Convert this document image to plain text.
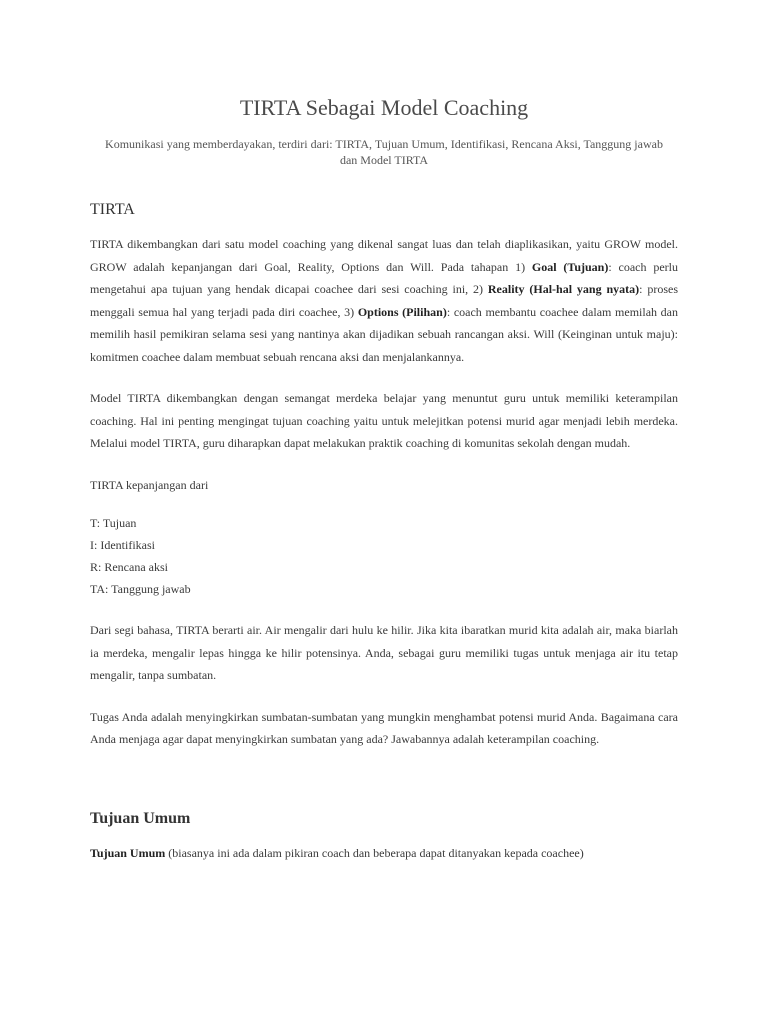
TIRTA Sebagai Model Coaching

Komunikasi yang memberdayakan, terdiri dari: TIRTA, Tujuan Umum, Identifikasi, Rencana Aksi, Tanggung jawab dan Model TIRTA

TIRTA

TIRTA dikembangkan dari satu model coaching yang dikenal sangat luas dan telah diaplikasikan, yaitu GROW model. GROW adalah kepanjangan dari Goal, Reality, Options dan Will. Pada tahapan 1) Goal (Tujuan): coach perlu mengetahui apa tujuan yang hendak dicapai coachee dari sesi coaching ini, 2) Reality (Hal-hal yang nyata): proses menggali semua hal yang terjadi pada diri coachee, 3) Options (Pilihan): coach membantu coachee dalam memilah dan memilih hasil pemikiran selama sesi yang nantinya akan dijadikan sebuah rancangan aksi. Will (Keinginan untuk maju): komitmen coachee dalam membuat sebuah rencana aksi dan menjalankannya.

Model TIRTA dikembangkan dengan semangat merdeka belajar yang menuntut guru untuk memiliki keterampilan coaching. Hal ini penting mengingat tujuan coaching yaitu untuk melejitkan potensi murid agar menjadi lebih merdeka. Melalui model TIRTA, guru diharapkan dapat melakukan praktik coaching di komunitas sekolah dengan mudah.

TIRTA kepanjangan dari

T: Tujuan
I: Identifikasi
R: Rencana aksi
TA: Tanggung jawab

Dari segi bahasa, TIRTA berarti air. Air mengalir dari hulu ke hilir. Jika kita ibaratkan murid kita adalah air, maka biarlah ia merdeka, mengalir lepas hingga ke hilir potensinya. Anda, sebagai guru memiliki tugas untuk menjaga air itu tetap mengalir, tanpa sumbatan.

Tugas Anda adalah menyingkirkan sumbatan-sumbatan yang mungkin menghambat potensi murid Anda. Bagaimana cara Anda menjaga agar dapat menyingkirkan sumbatan yang ada? Jawabannya adalah keterampilan coaching.

Tujuan Umum

Tujuan Umum (biasanya ini ada dalam pikiran coach dan beberapa dapat ditanyakan kepada coachee)
